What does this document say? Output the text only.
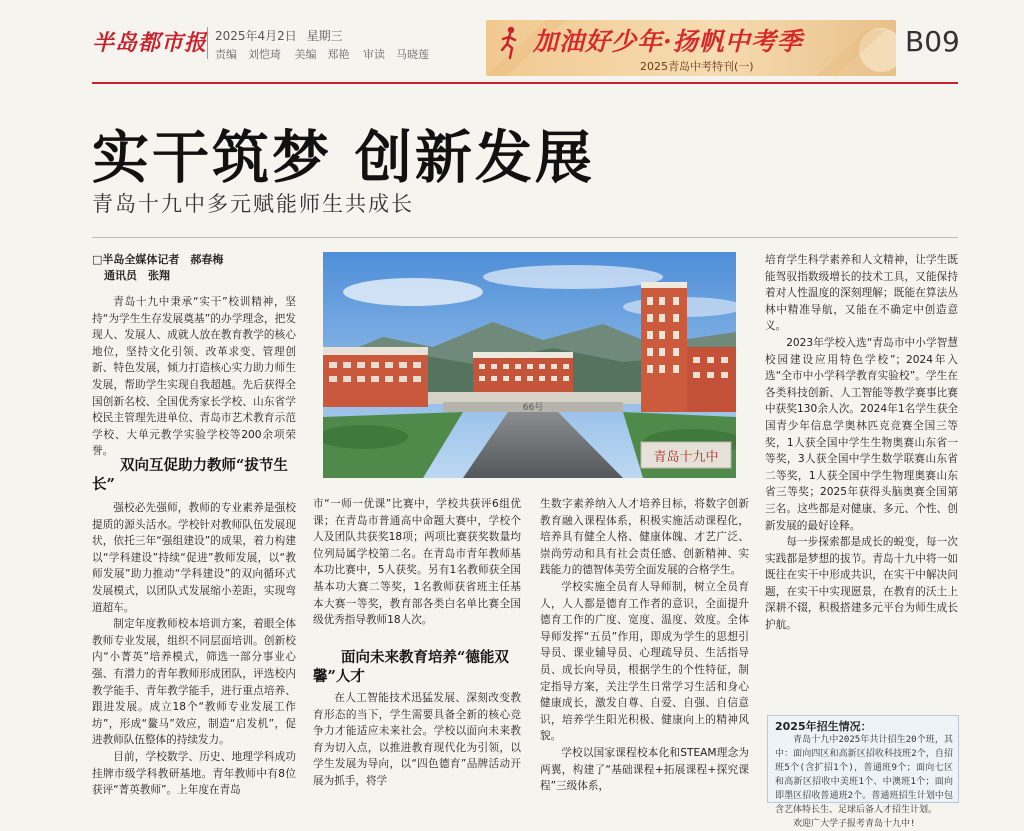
半岛都市报 2025年4月2日 星期三
责编　刘恺琦 美编　郑艳 审读　马晓莲	加油好少年·扬帆中考季
2025青岛中考特刊(一)
B09
实干筑梦 创新发展
青岛十九中多元赋能师生共成长
□半岛全媒体记者　郝春梅
通讯员　张翔

青岛十九中秉承“实干”校训精神，坚持“为学生生存发展奠基”的办学理念，把发现人、发展人、成就人放在教育教学的核心地位，坚持文化引领、改革求变、管理创新、特色发展，倾力打造核心实力助力师生发展，帮助学生实现自我超越。先后获得全国创新名校、全国优秀家长学校、山东省学校民主管理先进单位、青岛市艺术教育示范学校、大单元教学实验学校等200余项荣誉。

双向互促助力教师“拔节生长”

强校必先强师，教师的专业素养是强校提质的源头活水。学校针对教师队伍发展现状，依托三年“强组建设”的成果，着力构建以“学科建设”持续“促进”教师发展，以“教师发展”助力推动“学科建设”的双向循环式发展模式，以团队式发展缩小差距，实现弯道超车。

制定年度教师校本培训方案，着眼全体教师专业发展，组织不同层面培训。创新校内“小菁英”培养模式，筛选一部分事业心强、有潜力的青年教师形成团队，评选校内教学能手、青年教学能手，进行重点培养、跟进发展。成立18个“教师专业发展工作坊”，形成“鳌马”效应，制造“启发机”，促进教师队伍整体的持续发力。

目前，学校数学、历史、地理学科成功挂牌市级学科教研基地。青年教师中有8位获评“菁英教师”。上年度在青岛

青岛十九中
66号

市“一师一优课”比赛中，学校共获评6组优课；在青岛市普通高中命题大赛中，学校个人及团队共获奖18项；两项比赛获奖数量均位列局属学校第二名。在青岛市青年教师基本功比赛中，5人获奖。另有1名教师获全国基本功大赛二等奖，1名教师获省班主任基本大赛一等奖，教育部各类白名单比赛全国级优秀指导教师18人次。

面向未来教育培养“德能双馨”人才

在人工智能技术迅猛发展、深刻改变教育形态的当下，学生需要具备全新的核心竞争力才能适应未来社会。学校以面向未来教育为切入点，以推进教育现代化为引领，以学生发展为导向，以“四色德育”品牌活动开展为抓手，将学

生数字素养纳入人才培养目标，将数字创新教育融入课程体系，积极实施活动课程化，培养具有健全人格、健康体魄、才艺广泛、崇尚劳动和具有社会责任感、创新精神、实践能力的德智体美劳全面发展的合格学生。

学校实施全员育人导师制，树立全员育人，人人都是德育工作者的意识，全面提升德育工作的广度、宽度、温度、效度。全体导师发挥“五员”作用，即成为学生的思想引导员、课业辅导员、心理疏导员、生活指导员、成长向导员，根据学生的个性特征，制定指导方案，关注学生日常学习生活和身心健康成长，激发自尊、自爱、自强、自信意识，培养学生阳光积极、健康向上的精神风貌。

学校以国家课程校本化和STEAM理念为两翼，构建了“基础课程+拓展课程+探究课程”三级体系，

培育学生科学素养和人文精神，让学生既能驾驭指数级增长的技术工具，又能保持着对人性温度的深刻理解；既能在算法丛林中精准导航，又能在不确定中创造意义。

2023年学校入选“青岛市中小学智慧校园建设应用特色学校”；2024年入选“全市中小学科学教育实验校”。学生在各类科技创新、人工智能等教学赛事比赛中获奖130余人次。2024年1名学生获全国青少年信息学奥林匹克竞赛全国三等奖，1人获全国中学生生物奥赛山东省一等奖，3人获全国中学生数学联赛山东省二等奖，1人获全国中学生物理奥赛山东省三等奖；2025年获得头脑奥赛全国第三名。这些都是对健康、多元、个性、创新发展的最好诠释。

每一步探索都是成长的蜕变，每一次实践都是梦想的拔节。青岛十九中将一如既往在实干中形成共识，在实干中解决问题，在实干中实现愿景，在教育的沃土上深耕不辍，积极搭建多元平台为师生成长护航。

2025年招生情况：

青岛十九中2025年共计招生20个班，其中：面向四区和高新区招收科技班2个，自招班5个(含扩招1个)，普通班9个；面向七区和高新区招收中美班1个、中澳班1个；面向即墨区招收普通班2个。普通班招生计划中包含艺体特长生、足球后备人才招生计划。

欢迎广大学子报考青岛十九中!
